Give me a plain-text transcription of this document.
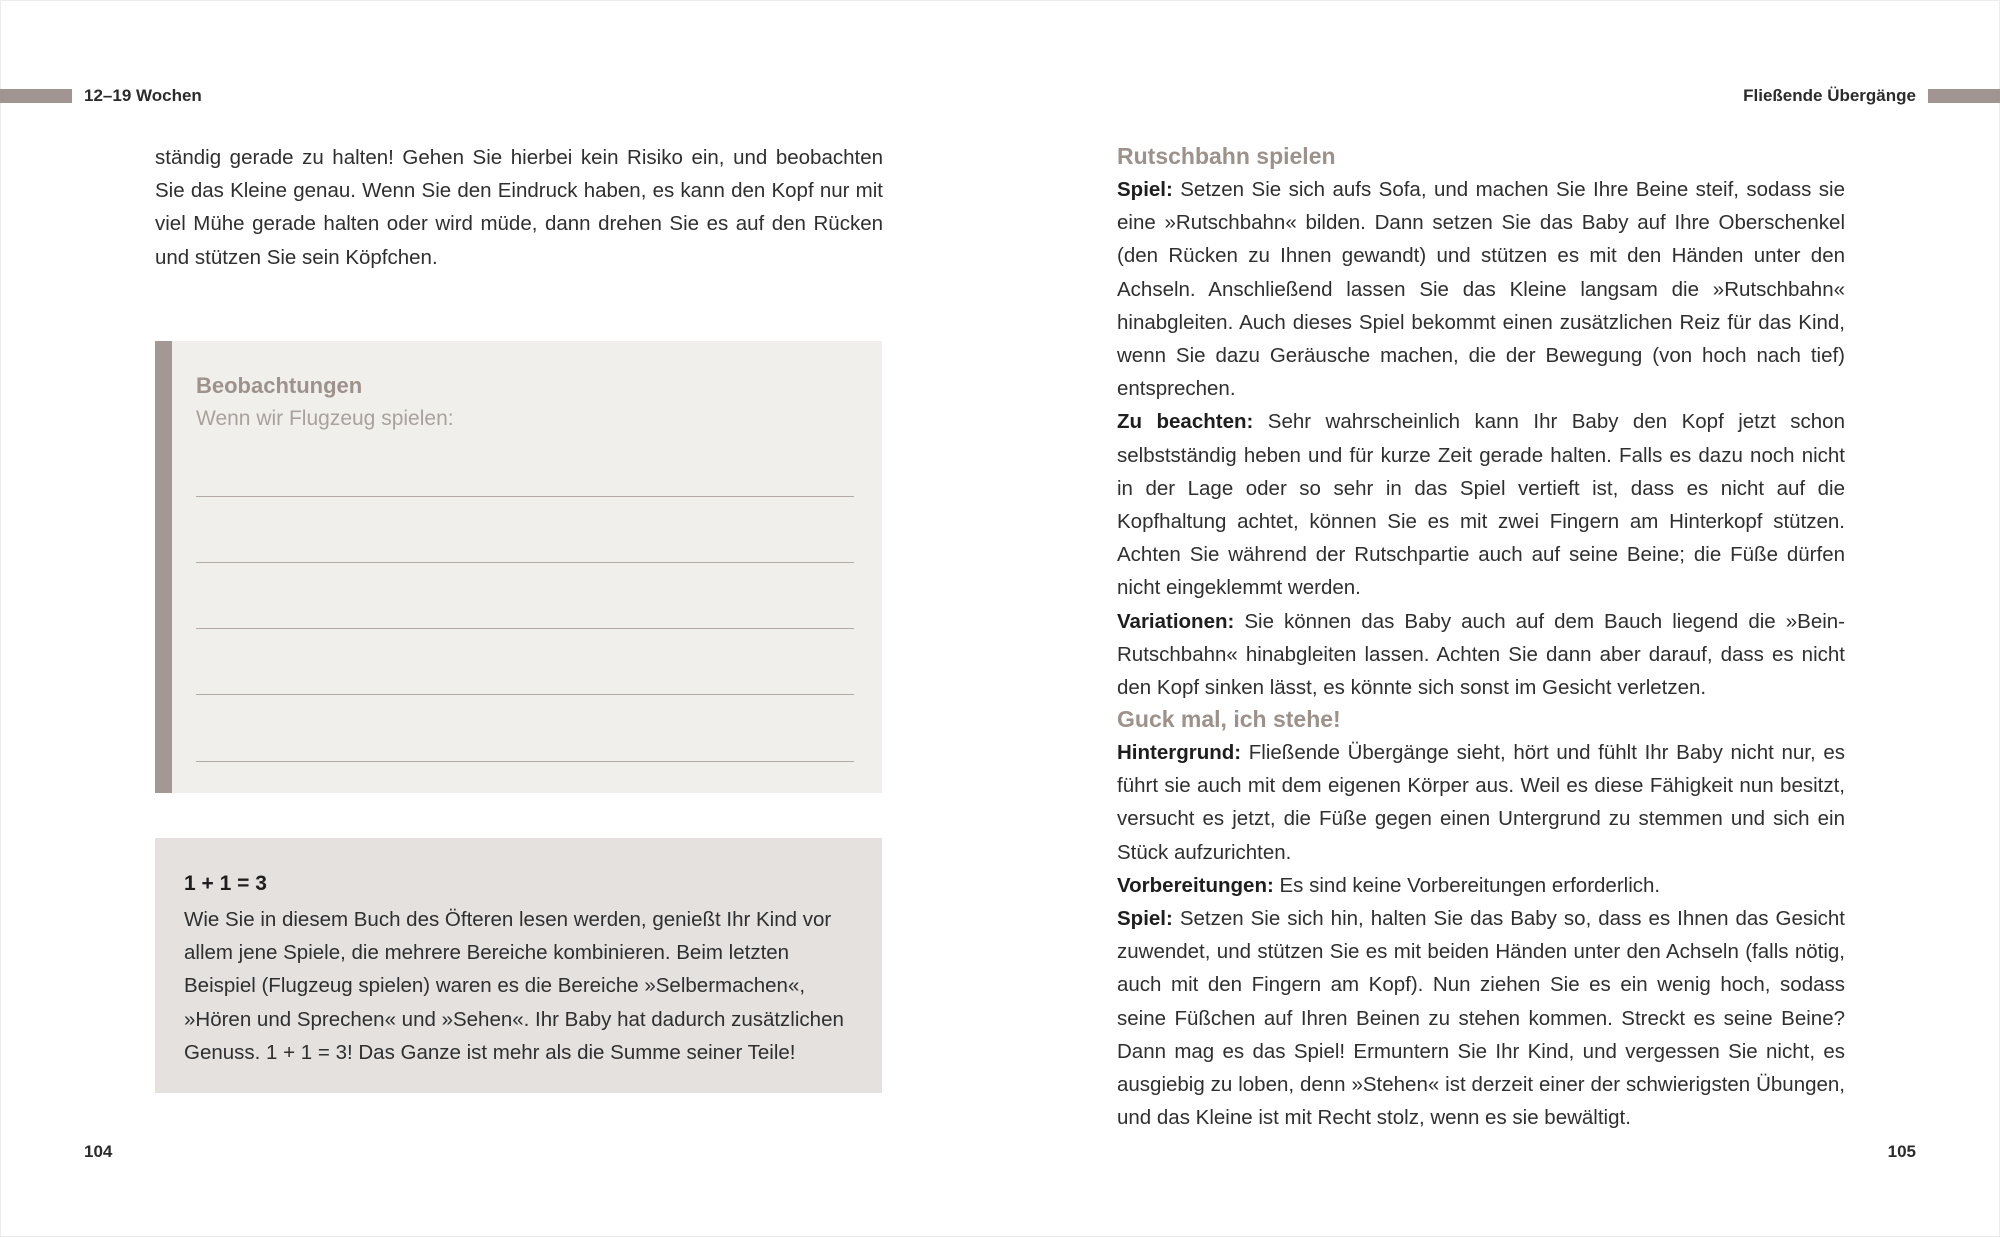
12–19 Wochen

ständig gerade zu halten! Gehen Sie hierbei kein Risiko ein, und beobachten Sie das Kleine genau. Wenn Sie den Eindruck haben, es kann den Kopf nur mit viel Mühe gerade halten oder wird müde, dann drehen Sie es auf den Rücken und stützen Sie sein Köpfchen.

Beobachtungen
Wenn wir Flugzeug spielen:
1 + 1 = 3

Wie Sie in diesem Buch des Öfteren lesen werden, genießt Ihr Kind vor allem jene Spiele, die mehrere Bereiche kombinieren. Beim letzten Beispiel (Flugzeug spielen) waren es die Bereiche »Selbermachen«, »Hören und Sprechen« und »Sehen«. Ihr Baby hat dadurch zusätzlichen Genuss. 1 + 1 = 3! Das Ganze ist mehr als die Summe seiner Teile!

104
Fließende Übergänge
Rutschbahn spielen

Spiel: Setzen Sie sich aufs Sofa, und machen Sie Ihre Beine steif, sodass sie eine »Rutschbahn« bilden. Dann setzen Sie das Baby auf Ihre Oberschenkel (den Rücken zu Ihnen gewandt) und stützen es mit den Händen unter den Achseln. Anschließend lassen Sie das Kleine langsam die »Rutschbahn« hinabgleiten. Auch dieses Spiel bekommt einen zusätzlichen Reiz für das Kind, wenn Sie dazu Geräusche machen, die der Bewegung (von hoch nach tief) entsprechen.

Zu beachten: Sehr wahrscheinlich kann Ihr Baby den Kopf jetzt schon selbstständig heben und für kurze Zeit gerade halten. Falls es dazu noch nicht in der Lage oder so sehr in das Spiel vertieft ist, dass es nicht auf die Kopfhaltung achtet, können Sie es mit zwei Fingern am Hinterkopf stützen. Achten Sie während der Rutschpartie auch auf seine Beine; die Füße dürfen nicht eingeklemmt werden.

Variationen: Sie können das Baby auch auf dem Bauch liegend die »Bein-Rutschbahn« hinabgleiten lassen. Achten Sie dann aber darauf, dass es nicht den Kopf sinken lässt, es könnte sich sonst im Gesicht verletzen.

Guck mal, ich stehe!

Hintergrund: Fließende Übergänge sieht, hört und fühlt Ihr Baby nicht nur, es führt sie auch mit dem eigenen Körper aus. Weil es diese Fähigkeit nun besitzt, versucht es jetzt, die Füße gegen einen Untergrund zu stemmen und sich ein Stück aufzurichten.

Vorbereitungen: Es sind keine Vorbereitungen erforderlich.

Spiel: Setzen Sie sich hin, halten Sie das Baby so, dass es Ihnen das Gesicht zuwendet, und stützen Sie es mit beiden Händen unter den Achseln (falls nötig, auch mit den Fingern am Kopf). Nun ziehen Sie es ein wenig hoch, sodass seine Füßchen auf Ihren Beinen zu stehen kommen. Streckt es seine Beine? Dann mag es das Spiel! Ermuntern Sie Ihr Kind, und vergessen Sie nicht, es ausgiebig zu loben, denn »Stehen« ist derzeit einer der schwierigsten Übungen, und das Kleine ist mit Recht stolz, wenn es sie bewältigt.

105
